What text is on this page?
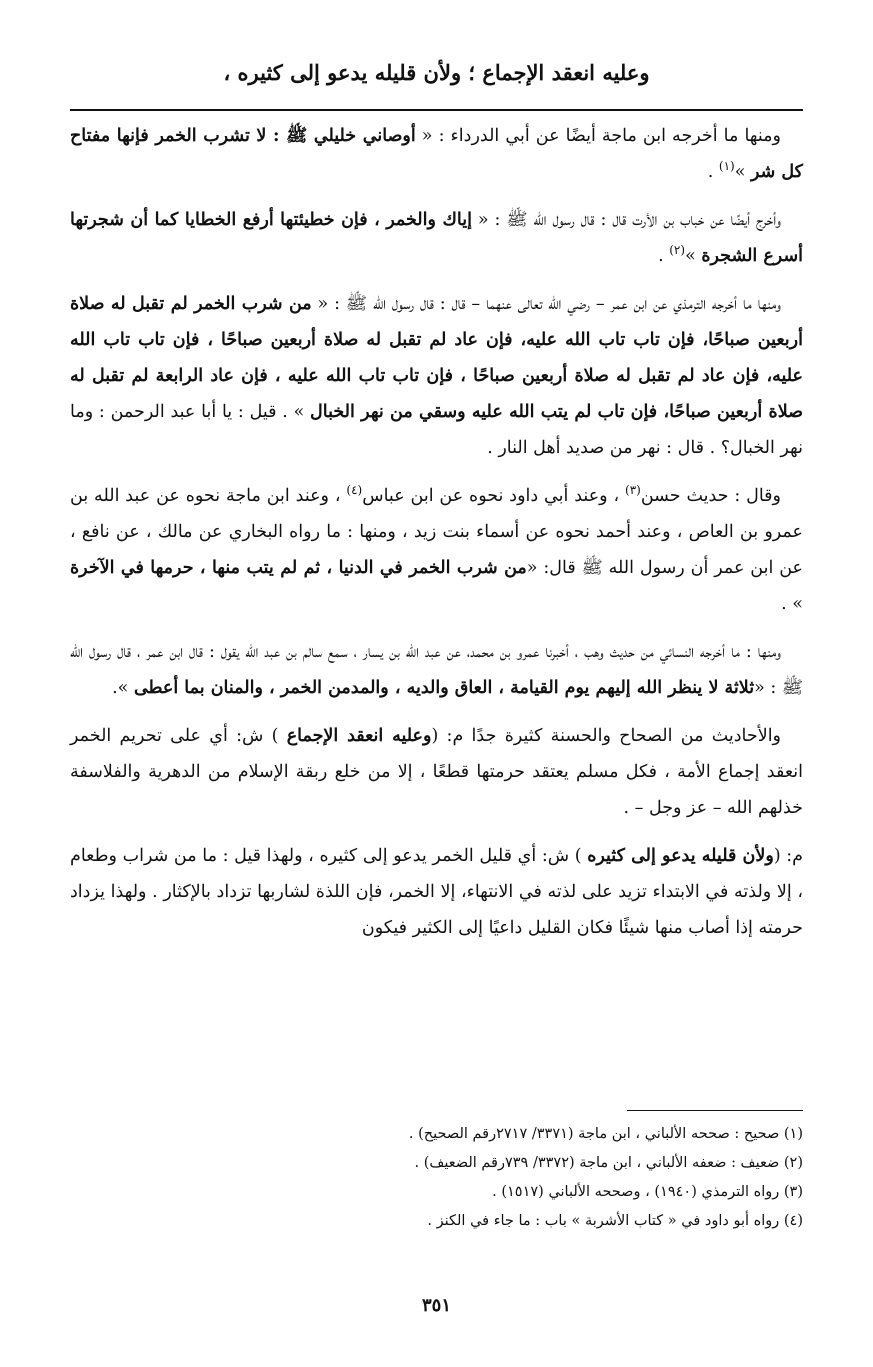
وعليه انعقد الإجماع ؛ ولأن قليله يدعو إلى كثيره ،

ومنها ما أخرجه ابن ماجة أيضًا عن أبي الدرداء : « أوصاني خليلي ﷺ : لا تشرب الخمر فإنها مفتاح كل شر »$^{(١)}$ .

وأخرج أيضًا عن خباب بن الأرت قال : قال رسول الله ﷺ : « إياك والخمر ، فإن خطيئتها أرفع الخطايا كما أن شجرتها أسرع الشجرة »$^{(٢)}$ .

ومنها ما أخرجه الترمذي عن ابن عمر – رضي الله تعالى عنهما – قال : قال رسول الله ﷺ : « من شرب الخمر لم تقبل له صلاة أربعين صباحًا، فإن تاب تاب الله عليه، فإن عاد لم تقبل له صلاة أربعين صباحًا ، فإن تاب تاب الله عليه، فإن عاد لم تقبل له صلاة أربعين صباحًا ، فإن تاب تاب الله عليه ، فإن عاد الرابعة لم تقبل له صلاة أربعين صباحًا، فإن تاب لم يتب الله عليه وسقي من نهر الخبال » . قيل : يا أبا عبد الرحمن : وما نهر الخبال؟ . قال : نهر من صديد أهل النار .

وقال : حديث حسن$^{(٣)}$ ، وعند أبي داود نحوه عن ابن عباس$^{(٤)}$ ، وعند ابن ماجة نحوه عن عبد الله بن عمرو بن العاص ، وعند أحمد نحوه عن أسماء بنت زيد ، ومنها : ما رواه البخاري عن مالك ، عن نافع ، عن ابن عمر أن رسول الله ﷺ قال: «من شرب الخمر في الدنيا ، ثم لم يتب منها ، حرمها في الآخرة » .

ومنها : ما أخرجه النسائي من حديث وهب ، أخبرنا عمرو بن محمد، عن عبد الله بن يسار ، سمع سالم بن عبد الله يقول : قال ابن عمر ، قال رسول الله ﷺ : «ثلاثة لا ينظر الله إليهم يوم القيامة ، العاق والديه ، والمدمن الخمر ، والمنان بما أعطى ».

والأحاديث من الصحاح والحسنة كثيرة جدًا م: (وعليه انعقد الإجماع ) ش: أي على تحريم الخمر انعقد إجماع الأمة ، فكل مسلم يعتقد حرمتها قطعًا ، إلا من خلع ربقة الإسلام من الدهرية والفلاسفة خذلهم الله – عز وجل – .

م: (ولأن قليله يدعو إلى كثيره ) ش: أي قليل الخمر يدعو إلى كثيره ، ولهذا قيل : ما من شراب وطعام ، إلا ولذته في الابتداء تزيد على لذته في الانتهاء، إلا الخمر، فإن اللذة لشاربها تزداد بالإكثار . ولهذا يزداد حرمته إذا أصاب منها شيئًا فكان القليل داعيًا إلى الكثير فيكون

(١) صحيح : صححه الألباني ، ابن ماجة (٣٣٧١/ ٢٧١٧رقم الصحيح) .

(٢) ضعيف : ضعفه الألباني ، ابن ماجة (٣٣٧٢/ ٧٣٩رقم الضعيف) .

(٣) رواه الترمذي (١٩٤٠) ، وصححه الألباني (١٥١٧) .

(٤) رواه أبو داود في « كتاب الأشربة » باب : ما جاء في الكنز .

٣٥١
